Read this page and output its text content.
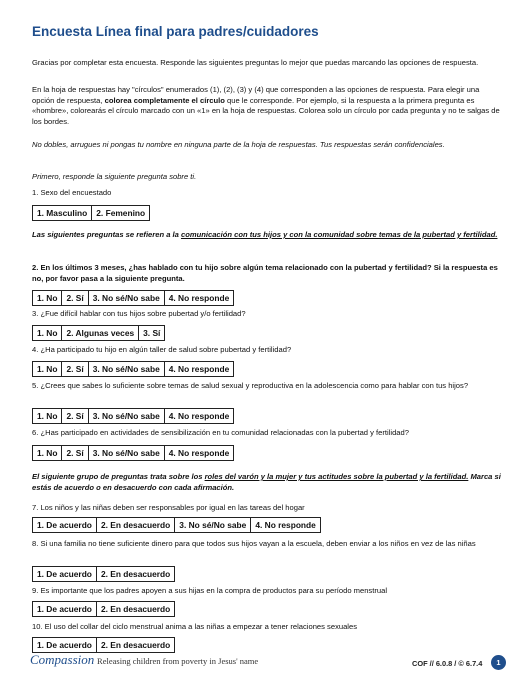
Encuesta Línea final para padres/cuidadores
Gracias por completar esta encuesta. Responde las siguientes preguntas lo mejor que puedas marcando las opciones de respuesta.
En la hoja de respuestas hay "círculos" enumerados (1), (2), (3) y (4) que corresponden a las opciones de respuesta. Para elegir una opción de respuesta, colorea completamente el círculo que le corresponde. Por ejemplo, si la respuesta a la primera pregunta es «hombre», colorearás el círculo marcado con un «1» en la hoja de respuestas. Colorea solo un círculo por cada pregunta y no te salgas de los bordes.
No dobles, arrugues ni pongas tu nombre en ninguna parte de la hoja de respuestas. Tus respuestas serán confidenciales.
Primero, responde la siguiente pregunta sobre ti.
1. Sexo del encuestado
1. Masculino	2. Femenino
Las siguientes preguntas se refieren a la comunicación con tus hijos y con la comunidad sobre temas de la pubertad y fertilidad.
2. En los últimos 3 meses, ¿has hablado con tu hijo sobre algún tema relacionado con la pubertad y fertilidad? Si la respuesta es no, por favor pasa a la siguiente pregunta.
1. No	2. Sí	3. No sé/No sabe	4. No responde
3. ¿Fue difícil hablar con tus hijos sobre pubertad y/o fertilidad?
1. No	2. Algunas veces	3. Sí
4. ¿Ha participado tu hijo en algún taller de salud sobre pubertad y fertilidad?
1. No	2. Sí	3. No sé/No sabe	4. No responde
5. ¿Crees que sabes lo suficiente sobre temas de salud sexual y reproductiva en la adolescencia como para hablar con tus hijos?
1. No	2. Sí	3. No sé/No sabe	4. No responde
6. ¿Has participado en actividades de sensibilización en tu comunidad relacionadas con la pubertad y fertilidad?
1. No	2. Sí	3. No sé/No sabe	4. No responde
El siguiente grupo de preguntas trata sobre los roles del varón y la mujer y tus actitudes sobre la pubertad y la fertilidad. Marca si estás de acuerdo o en desacuerdo con cada afirmación.
7. Los niños y las niñas deben ser responsables por igual en las tareas del hogar
1. De acuerdo	2. En desacuerdo	3. No sé/No sabe	4. No responde
8. Si una familia no tiene suficiente dinero para que todos sus hijos vayan a la escuela, deben enviar a los niños en vez de las niñas
1. De acuerdo	2. En desacuerdo
9. Es importante que los padres apoyen a sus hijas en la compra de productos para su período menstrual
1. De acuerdo	2. En desacuerdo
10. El uso del collar del ciclo menstrual anima a las niñas a empezar a tener relaciones sexuales
1. De acuerdo	2. En desacuerdo
Compassion Releasing children from poverty in Jesus' name	COF // 6.0.8 / © 6.7.4	1
